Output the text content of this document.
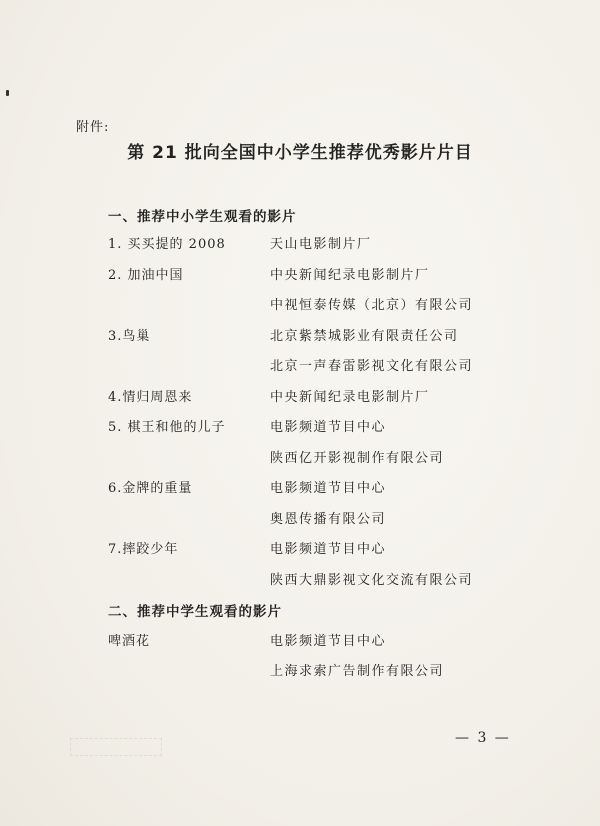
附件:
第 21 批向全国中小学生推荐优秀影片片目
一、推荐中小学生观看的影片
1. 买买提的 2008	天山电影制片厂
2. 加油中国	中央新闻纪录电影制片厂
中视恒泰传媒（北京）有限公司
3.鸟巢	北京紫禁城影业有限责任公司
北京一声春雷影视文化有限公司
4.情归周恩来	中央新闻纪录电影制片厂
5. 棋王和他的儿子	电影频道节目中心
陕西亿开影视制作有限公司
6.金牌的重量	电影频道节目中心
奥恩传播有限公司
7.摔跤少年	电影频道节目中心
陕西大鼎影视文化交流有限公司
二、推荐中学生观看的影片
啤酒花	电影频道节目中心
上海求索广告制作有限公司
— 3 —
